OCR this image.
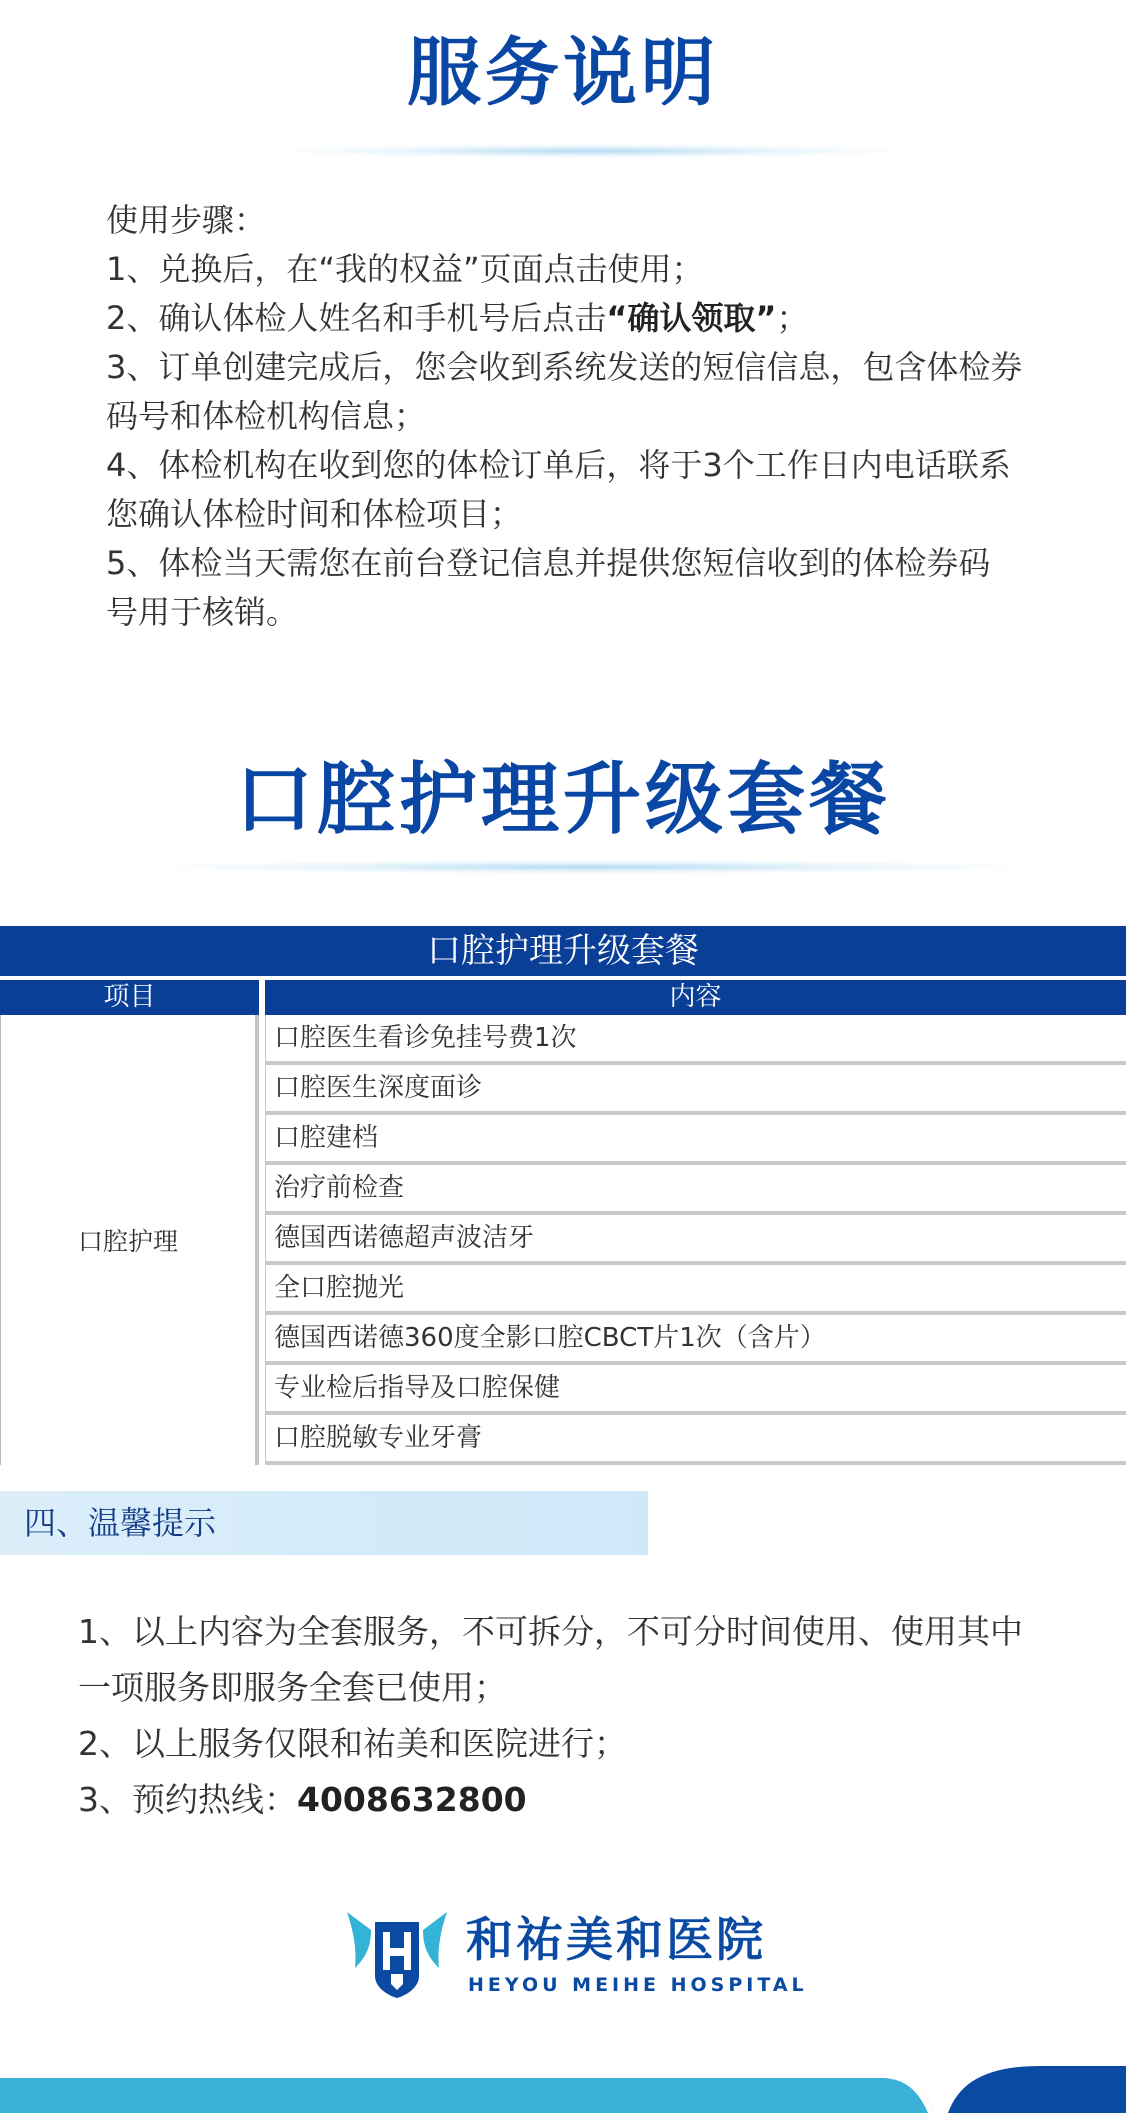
服务说明
使用步骤：
1、兑换后，在“我的权益”页面点击使用；
2、确认体检人姓名和手机号后点击“确认领取”；
3、订单创建完成后，您会收到系统发送的短信信息，包含体检券
码号和体检机构信息；
4、体检机构在收到您的体检订单后，将于3个工作日内电话联系
您确认体检时间和体检项目；
5、体检当天需您在前台登记信息并提供您短信收到的体检券码
号用于核销。
口腔护理升级套餐
口腔护理升级套餐
项目	内容
口腔护理
口腔医生看诊免挂号费1次
口腔医生深度面诊
口腔建档
治疗前检查
德国西诺德超声波洁牙
全口腔抛光
德国西诺德360度全影口腔CBCT片1次（含片）
专业检后指导及口腔保健
口腔脱敏专业牙膏
四、温馨提示
1、以上内容为全套服务，不可拆分，不可分时间使用、使用其中
一项服务即服务全套已使用；
2、以上服务仅限和祐美和医院进行；
3、预约热线：4008632800
和祐美和医院
HEYOU MEIHE HOSPITAL
